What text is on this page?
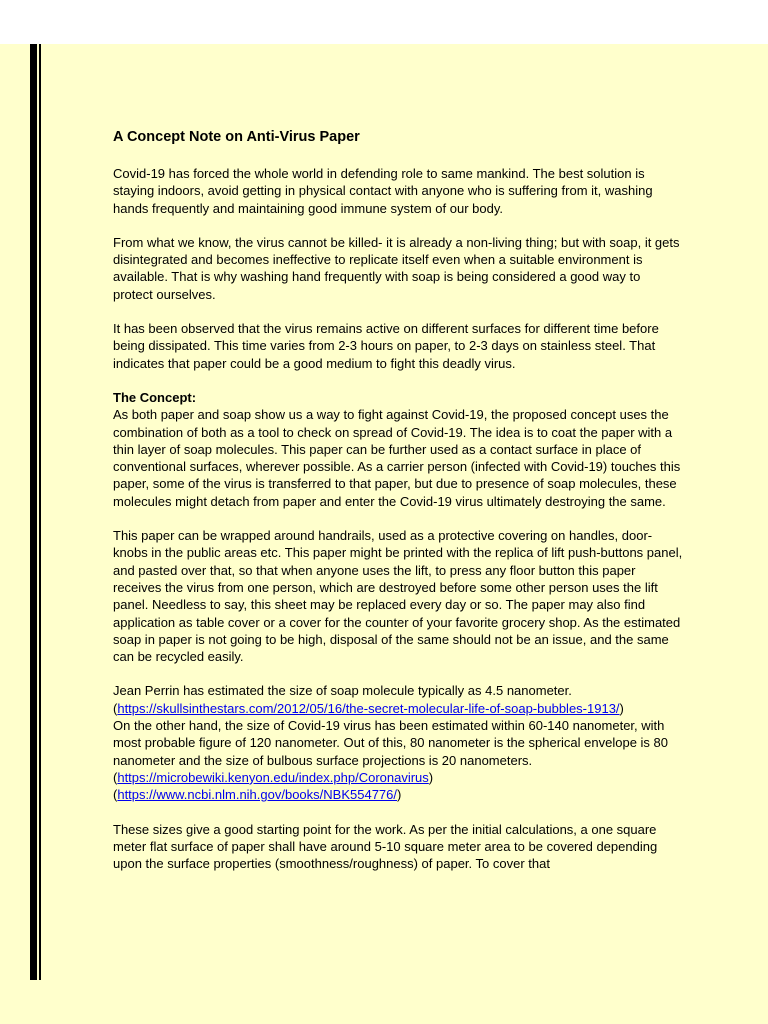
A Concept Note on Anti-Virus Paper

Covid-19 has forced the whole world in defending role to same mankind. The best solution is staying indoors, avoid getting in physical contact with anyone who is suffering from it, washing hands frequently and maintaining good immune system of our body.

From what we know, the virus cannot be killed- it is already a non-living thing; but with soap, it gets disintegrated and becomes ineffective to replicate itself even when a suitable environment is available. That is why washing hand frequently with soap is being considered a good way to protect ourselves.

It has been observed that the virus remains active on different surfaces for different time before being dissipated. This time varies from 2-3 hours on paper, to 2-3 days on stainless steel. That indicates that paper could be a good medium to fight this deadly virus.

The Concept:
As both paper and soap show us a way to fight against Covid-19, the proposed concept uses the combination of both as a tool to check on spread of Covid-19. The idea is to coat the paper with a thin layer of soap molecules. This paper can be further used as a contact surface in place of conventional surfaces, wherever possible. As a carrier person (infected with Covid-19) touches this paper, some of the virus is transferred to that paper, but due to presence of soap molecules, these molecules might detach from paper and enter the Covid-19 virus ultimately destroying the same.

This paper can be wrapped around handrails, used as a protective covering on handles, door-knobs in the public areas etc. This paper might be printed with the replica of lift push-buttons panel, and pasted over that, so that when anyone uses the lift, to press any floor button this paper receives the virus from one person, which are destroyed before some other person uses the lift panel. Needless to say, this sheet may be replaced every day or so. The paper may also find application as table cover or a cover for the counter of your favorite grocery shop. As the estimated soap in paper is not going to be high, disposal of the same should not be an issue, and the same can be recycled easily.

Jean Perrin has estimated the size of soap molecule typically as 4.5 nanometer.
(https://skullsinthestars.com/2012/05/16/the-secret-molecular-life-of-soap-bubbles-1913/)
On the other hand, the size of Covid-19 virus has been estimated within 60-140 nanometer, with most probable figure of 120 nanometer. Out of this, 80 nanometer is the spherical envelope is 80 nanometer and the size of bulbous surface projections is 20 nanometers.
(https://microbewiki.kenyon.edu/index.php/Coronavirus)
(https://www.ncbi.nlm.nih.gov/books/NBK554776/)

These sizes give a good starting point for the work. As per the initial calculations, a one square meter flat surface of paper shall have around 5-10 square meter area to be covered depending upon the surface properties (smoothness/roughness) of paper. To cover that
